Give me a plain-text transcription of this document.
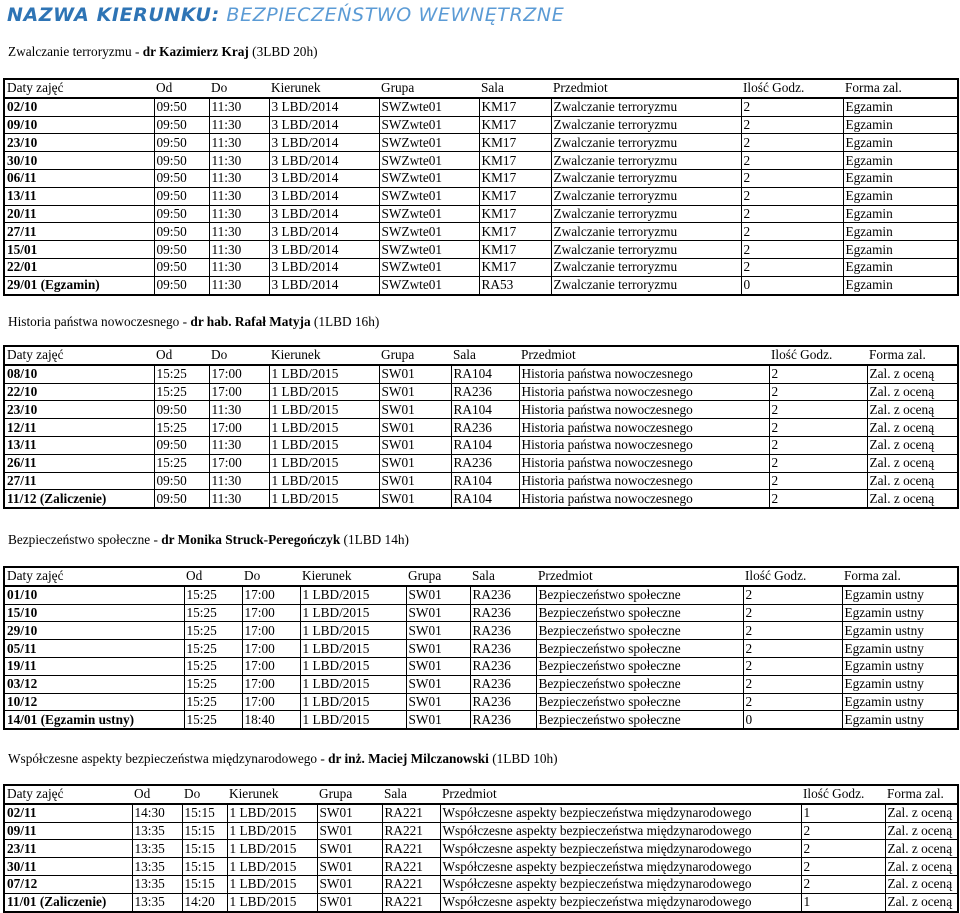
NAZWA KIERUNKU: BEZPIECZEŃSTWO WEWNĘTRZNE
Zwalczanie terroryzmu - dr Kazimierz Kraj (3LBD 20h)
Daty zajęć	Od	Do	Kierunek	Grupa	Sala	Przedmiot	Ilość Godz.	Forma zal.
02/10	09:50	11:30	3 LBD/2014	SWZwte01	KM17	Zwalczanie terroryzmu	2	Egzamin
09/10	09:50	11:30	3 LBD/2014	SWZwte01	KM17	Zwalczanie terroryzmu	2	Egzamin
23/10	09:50	11:30	3 LBD/2014	SWZwte01	KM17	Zwalczanie terroryzmu	2	Egzamin
30/10	09:50	11:30	3 LBD/2014	SWZwte01	KM17	Zwalczanie terroryzmu	2	Egzamin
06/11	09:50	11:30	3 LBD/2014	SWZwte01	KM17	Zwalczanie terroryzmu	2	Egzamin
13/11	09:50	11:30	3 LBD/2014	SWZwte01	KM17	Zwalczanie terroryzmu	2	Egzamin
20/11	09:50	11:30	3 LBD/2014	SWZwte01	KM17	Zwalczanie terroryzmu	2	Egzamin
27/11	09:50	11:30	3 LBD/2014	SWZwte01	KM17	Zwalczanie terroryzmu	2	Egzamin
15/01	09:50	11:30	3 LBD/2014	SWZwte01	KM17	Zwalczanie terroryzmu	2	Egzamin
22/01	09:50	11:30	3 LBD/2014	SWZwte01	KM17	Zwalczanie terroryzmu	2	Egzamin
29/01 (Egzamin)	09:50	11:30	3 LBD/2014	SWZwte01	RA53	Zwalczanie terroryzmu	0	Egzamin
Historia państwa nowoczesnego - dr hab. Rafał Matyja (1LBD 16h)
Daty zajęć	Od	Do	Kierunek	Grupa	Sala	Przedmiot	Ilość Godz.	Forma zal.
08/10	15:25	17:00	1 LBD/2015	SW01	RA104	Historia państwa nowoczesnego	2	Zal. z oceną
22/10	15:25	17:00	1 LBD/2015	SW01	RA236	Historia państwa nowoczesnego	2	Zal. z oceną
23/10	09:50	11:30	1 LBD/2015	SW01	RA104	Historia państwa nowoczesnego	2	Zal. z oceną
12/11	15:25	17:00	1 LBD/2015	SW01	RA236	Historia państwa nowoczesnego	2	Zal. z oceną
13/11	09:50	11:30	1 LBD/2015	SW01	RA104	Historia państwa nowoczesnego	2	Zal. z oceną
26/11	15:25	17:00	1 LBD/2015	SW01	RA236	Historia państwa nowoczesnego	2	Zal. z oceną
27/11	09:50	11:30	1 LBD/2015	SW01	RA104	Historia państwa nowoczesnego	2	Zal. z oceną
11/12 (Zaliczenie)	09:50	11:30	1 LBD/2015	SW01	RA104	Historia państwa nowoczesnego	2	Zal. z oceną
Bezpieczeństwo społeczne - dr Monika Struck-Peregończyk (1LBD 14h)
Daty zajęć	Od	Do	Kierunek	Grupa	Sala	Przedmiot	Ilość Godz.	Forma zal.
01/10	15:25	17:00	1 LBD/2015	SW01	RA236	Bezpieczeństwo społeczne	2	Egzamin ustny
15/10	15:25	17:00	1 LBD/2015	SW01	RA236	Bezpieczeństwo społeczne	2	Egzamin ustny
29/10	15:25	17:00	1 LBD/2015	SW01	RA236	Bezpieczeństwo społeczne	2	Egzamin ustny
05/11	15:25	17:00	1 LBD/2015	SW01	RA236	Bezpieczeństwo społeczne	2	Egzamin ustny
19/11	15:25	17:00	1 LBD/2015	SW01	RA236	Bezpieczeństwo społeczne	2	Egzamin ustny
03/12	15:25	17:00	1 LBD/2015	SW01	RA236	Bezpieczeństwo społeczne	2	Egzamin ustny
10/12	15:25	17:00	1 LBD/2015	SW01	RA236	Bezpieczeństwo społeczne	2	Egzamin ustny
14/01 (Egzamin ustny)	15:25	18:40	1 LBD/2015	SW01	RA236	Bezpieczeństwo społeczne	0	Egzamin ustny
Współczesne aspekty bezpieczeństwa międzynarodowego - dr inż. Maciej Milczanowski (1LBD 10h)
Daty zajęć	Od	Do	Kierunek	Grupa	Sala	Przedmiot	Ilość Godz.	Forma zal.
02/11	14:30	15:15	1 LBD/2015	SW01	RA221	Współczesne aspekty bezpieczeństwa międzynarodowego	1	Zal. z oceną
09/11	13:35	15:15	1 LBD/2015	SW01	RA221	Współczesne aspekty bezpieczeństwa międzynarodowego	2	Zal. z oceną
23/11	13:35	15:15	1 LBD/2015	SW01	RA221	Współczesne aspekty bezpieczeństwa międzynarodowego	2	Zal. z oceną
30/11	13:35	15:15	1 LBD/2015	SW01	RA221	Współczesne aspekty bezpieczeństwa międzynarodowego	2	Zal. z oceną
07/12	13:35	15:15	1 LBD/2015	SW01	RA221	Współczesne aspekty bezpieczeństwa międzynarodowego	2	Zal. z oceną
11/01 (Zaliczenie)	13:35	14:20	1 LBD/2015	SW01	RA221	Współczesne aspekty bezpieczeństwa międzynarodowego	1	Zal. z oceną
